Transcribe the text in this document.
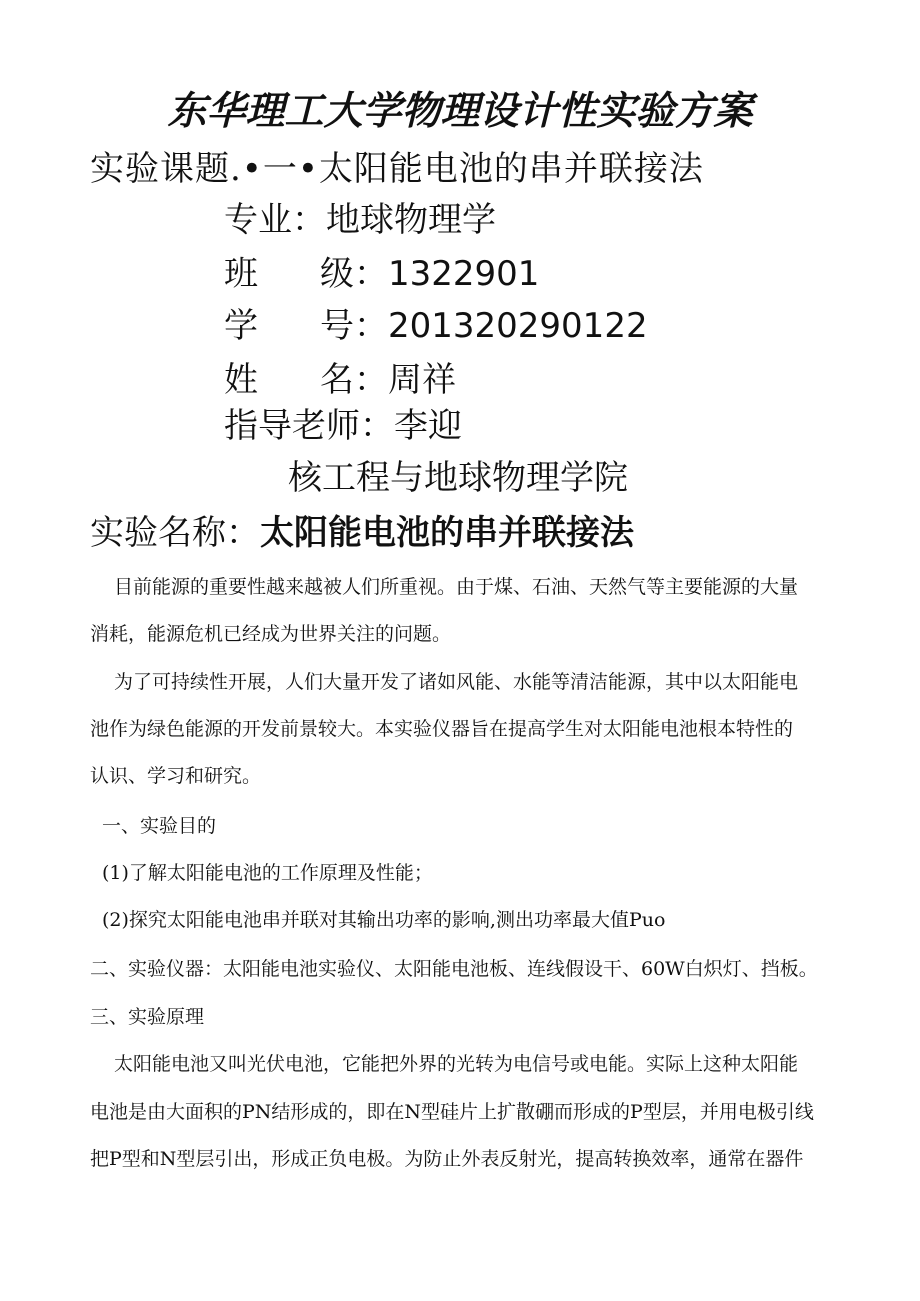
东华理工大学物理设计性实验方案
实验课题.•一•太阳能电池的串并联接法
专业：地球物理学
班 级：1322901
学 号：201320290122
姓 名：周祥
指导老师：李迎
核工程与地球物理学院
实验名称：太阳能电池的串并联接法
目前能源的重要性越来越被人们所重视。由于煤、石油、天然气等主要能源的大量
消耗，能源危机已经成为世界关注的问题。
为了可持续性开展，人们大量开发了诸如风能、水能等清洁能源，其中以太阳能电
池作为绿色能源的开发前景较大。本实验仪器旨在提高学生对太阳能电池根本特性的
认识、学习和研究。
一、实验目的
(1)了解太阳能电池的工作原理及性能；
(2)探究太阳能电池串并联对其输出功率的影响,测出功率最大值Puo
二、实验仪器：太阳能电池实验仪、太阳能电池板、连线假设干、60W白炽灯、挡板。
三、实验原理
太阳能电池又叫光伏电池，它能把外界的光转为电信号或电能。实际上这种太阳能
电池是由大面积的PN结形成的，即在N型硅片上扩散硼而形成的P型层，并用电极引线
把P型和N型层引出，形成正负电极。为防止外表反射光，提高转换效率，通常在器件
